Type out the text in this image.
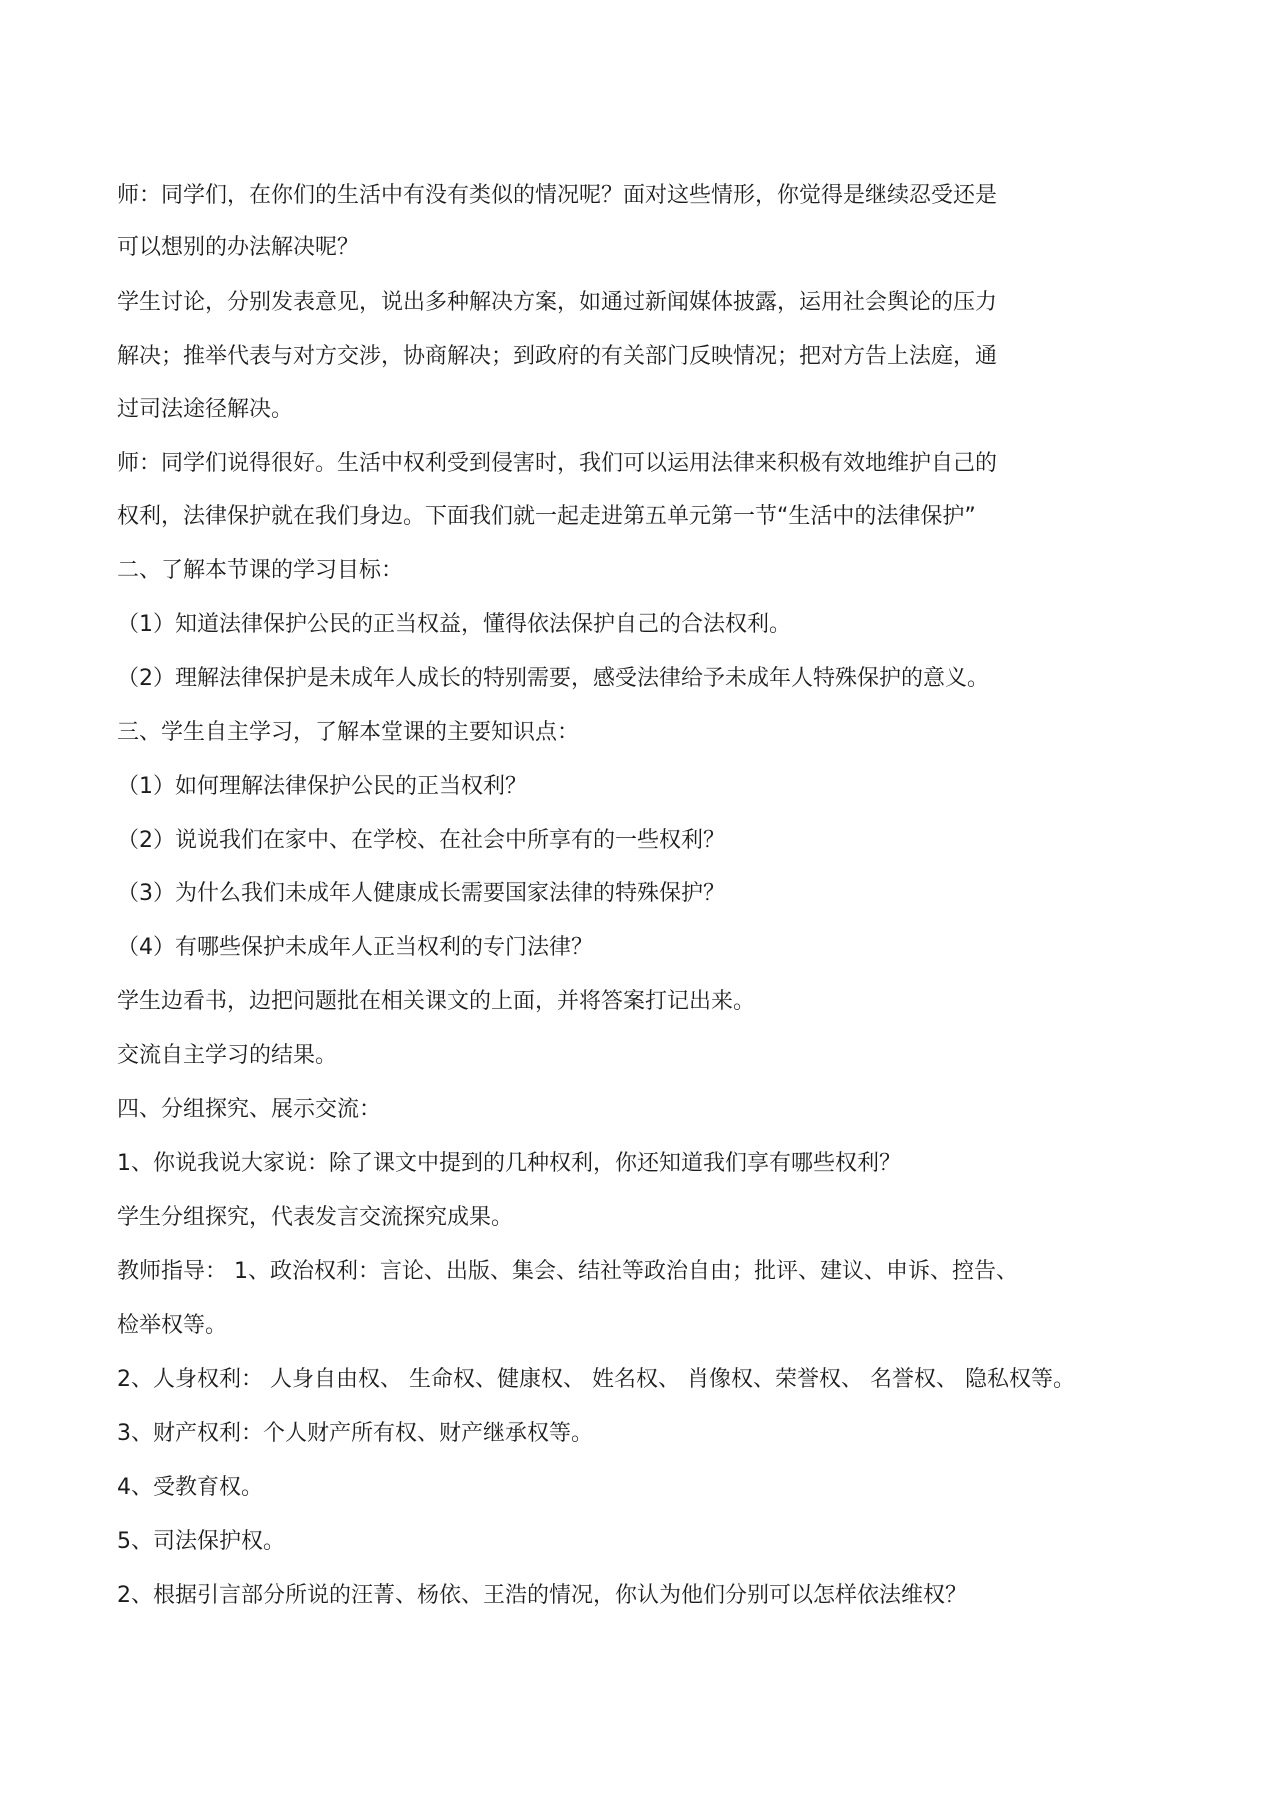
师：同学们，在你们的生活中有没有类似的情况呢？面对这些情形，你觉得是继续忍受还是

可以想别的办法解决呢？

学生讨论，分别发表意见，说出多种解决方案，如通过新闻媒体披露，运用社会舆论的压力

解决；推举代表与对方交涉，协商解决；到政府的有关部门反映情况；把对方告上法庭，通

过司法途径解决。

师：同学们说得很好。生活中权利受到侵害时，我们可以运用法律来积极有效地维护自己的

权利，法律保护就在我们身边。下面我们就一起走进第五单元第一节“生活中的法律保护”

二、了解本节课的学习目标：

（1）知道法律保护公民的正当权益，懂得依法保护自己的合法权利。

（2）理解法律保护是未成年人成长的特别需要，感受法律给予未成年人特殊保护的意义。

三、学生自主学习，了解本堂课的主要知识点：

（1）如何理解法律保护公民的正当权利？

（2）说说我们在家中、在学校、在社会中所享有的一些权利？

（3）为什么我们未成年人健康成长需要国家法律的特殊保护？

（4）有哪些保护未成年人正当权利的专门法律？

学生边看书，边把问题批在相关课文的上面，并将答案打记出来。

交流自主学习的结果。

四、分组探究、展示交流：

1、你说我说大家说：除了课文中提到的几种权利，你还知道我们享有哪些权利？

学生分组探究，代表发言交流探究成果。

教师指导： 1、政治权利：言论、出版、集会、结社等政治自由；批评、建议、申诉、控告、

检举权等。

2、人身权利： 人身自由权、 生命权、健康权、 姓名权、 肖像权、荣誉权、 名誉权、 隐私权等。

3、财产权利：个人财产所有权、财产继承权等。

4、受教育权。

5、司法保护权。

2、根据引言部分所说的汪菁、杨依、王浩的情况，你认为他们分别可以怎样依法维权？
